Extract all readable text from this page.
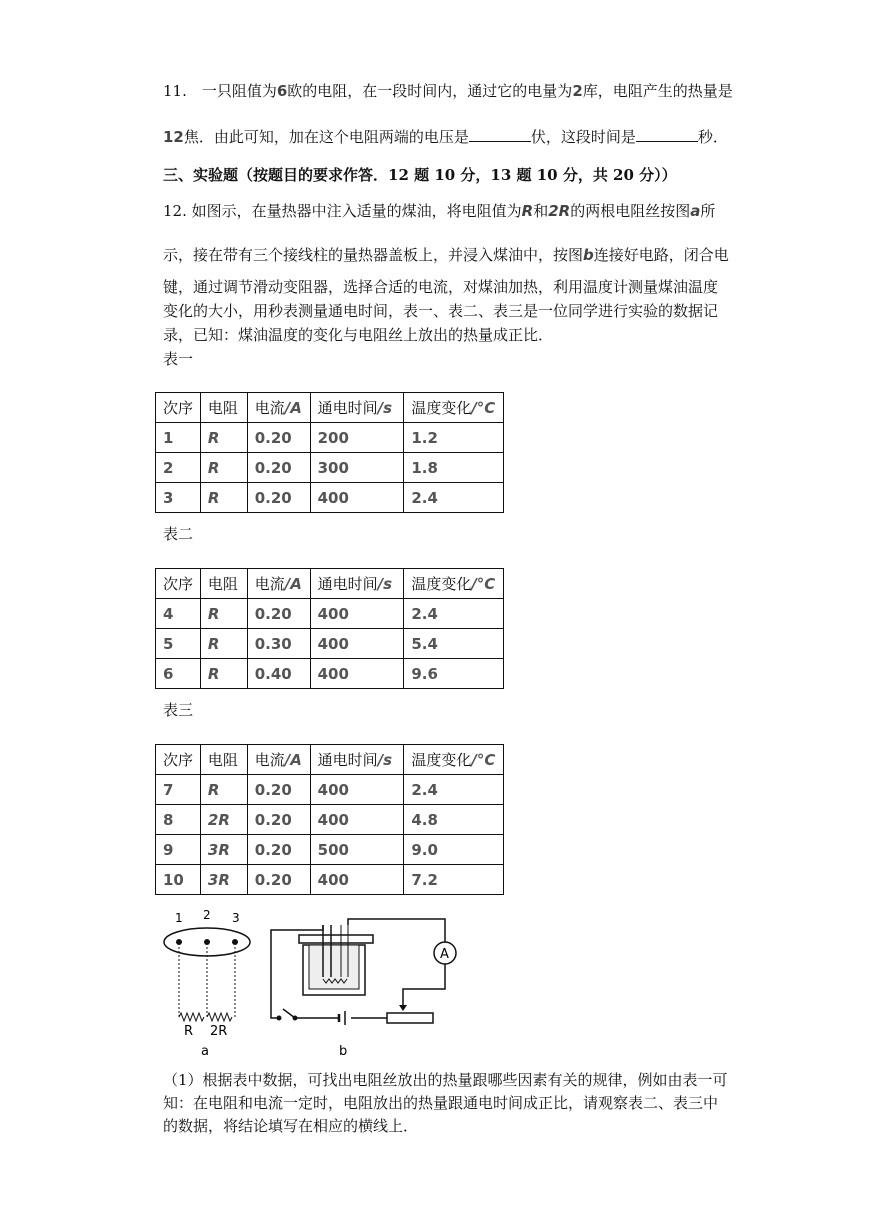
11.　一只阻值为6欧的电阻，在一段时间内，通过它的电量为2库，电阻产生的热量是
12焦．由此可知，加在这个电阻两端的电压是	伏，这段时间是	秒．
三、实验题（按题目的要求作答．12 题 10 分，13 题 10 分，共 20 分））
12. 如图示，在量热器中注入适量的煤油，将电阻值为R和2R的两根电阻丝按图a所
示，接在带有三个接线柱的量热器盖板上，并浸入煤油中，按图b连接好电路，闭合电
键，通过调节滑动变阻器，选择合适的电流，对煤油加热，利用温度计测量煤油温度
变化的大小，用秒表测量通电时间，表一、表二、表三是一位同学进行实验的数据记
录，已知：煤油温度的变化与电阻丝上放出的热量成正比．
表一
次序	电阻	电流/A	通电时间/s	温度变化/°C
1	R	0.20	200	1.2
2	R	0.20	300	1.8
3	R	0.20	400	2.4
表二
次序	电阻	电流/A	通电时间/s	温度变化/°C
4	R	0.20	400	2.4
5	R	0.30	400	5.4
6	R	0.40	400	9.6
表三
次序	电阻	电流/A	通电时间/s	温度变化/°C
7	R	0.20	400	2.4
8	2R	0.20	400	4.8
9	3R	0.20	500	9.0
10	3R	0.20	400	7.2
1 2 3
R 2R
a
A
b
（1）根据表中数据，可找出电阻丝放出的热量跟哪些因素有关的规律，例如由表一可
知：在电阻和电流一定时，电阻放出的热量跟通电时间成正比，请观察表二、表三中
的数据，将结论填写在相应的横线上．
